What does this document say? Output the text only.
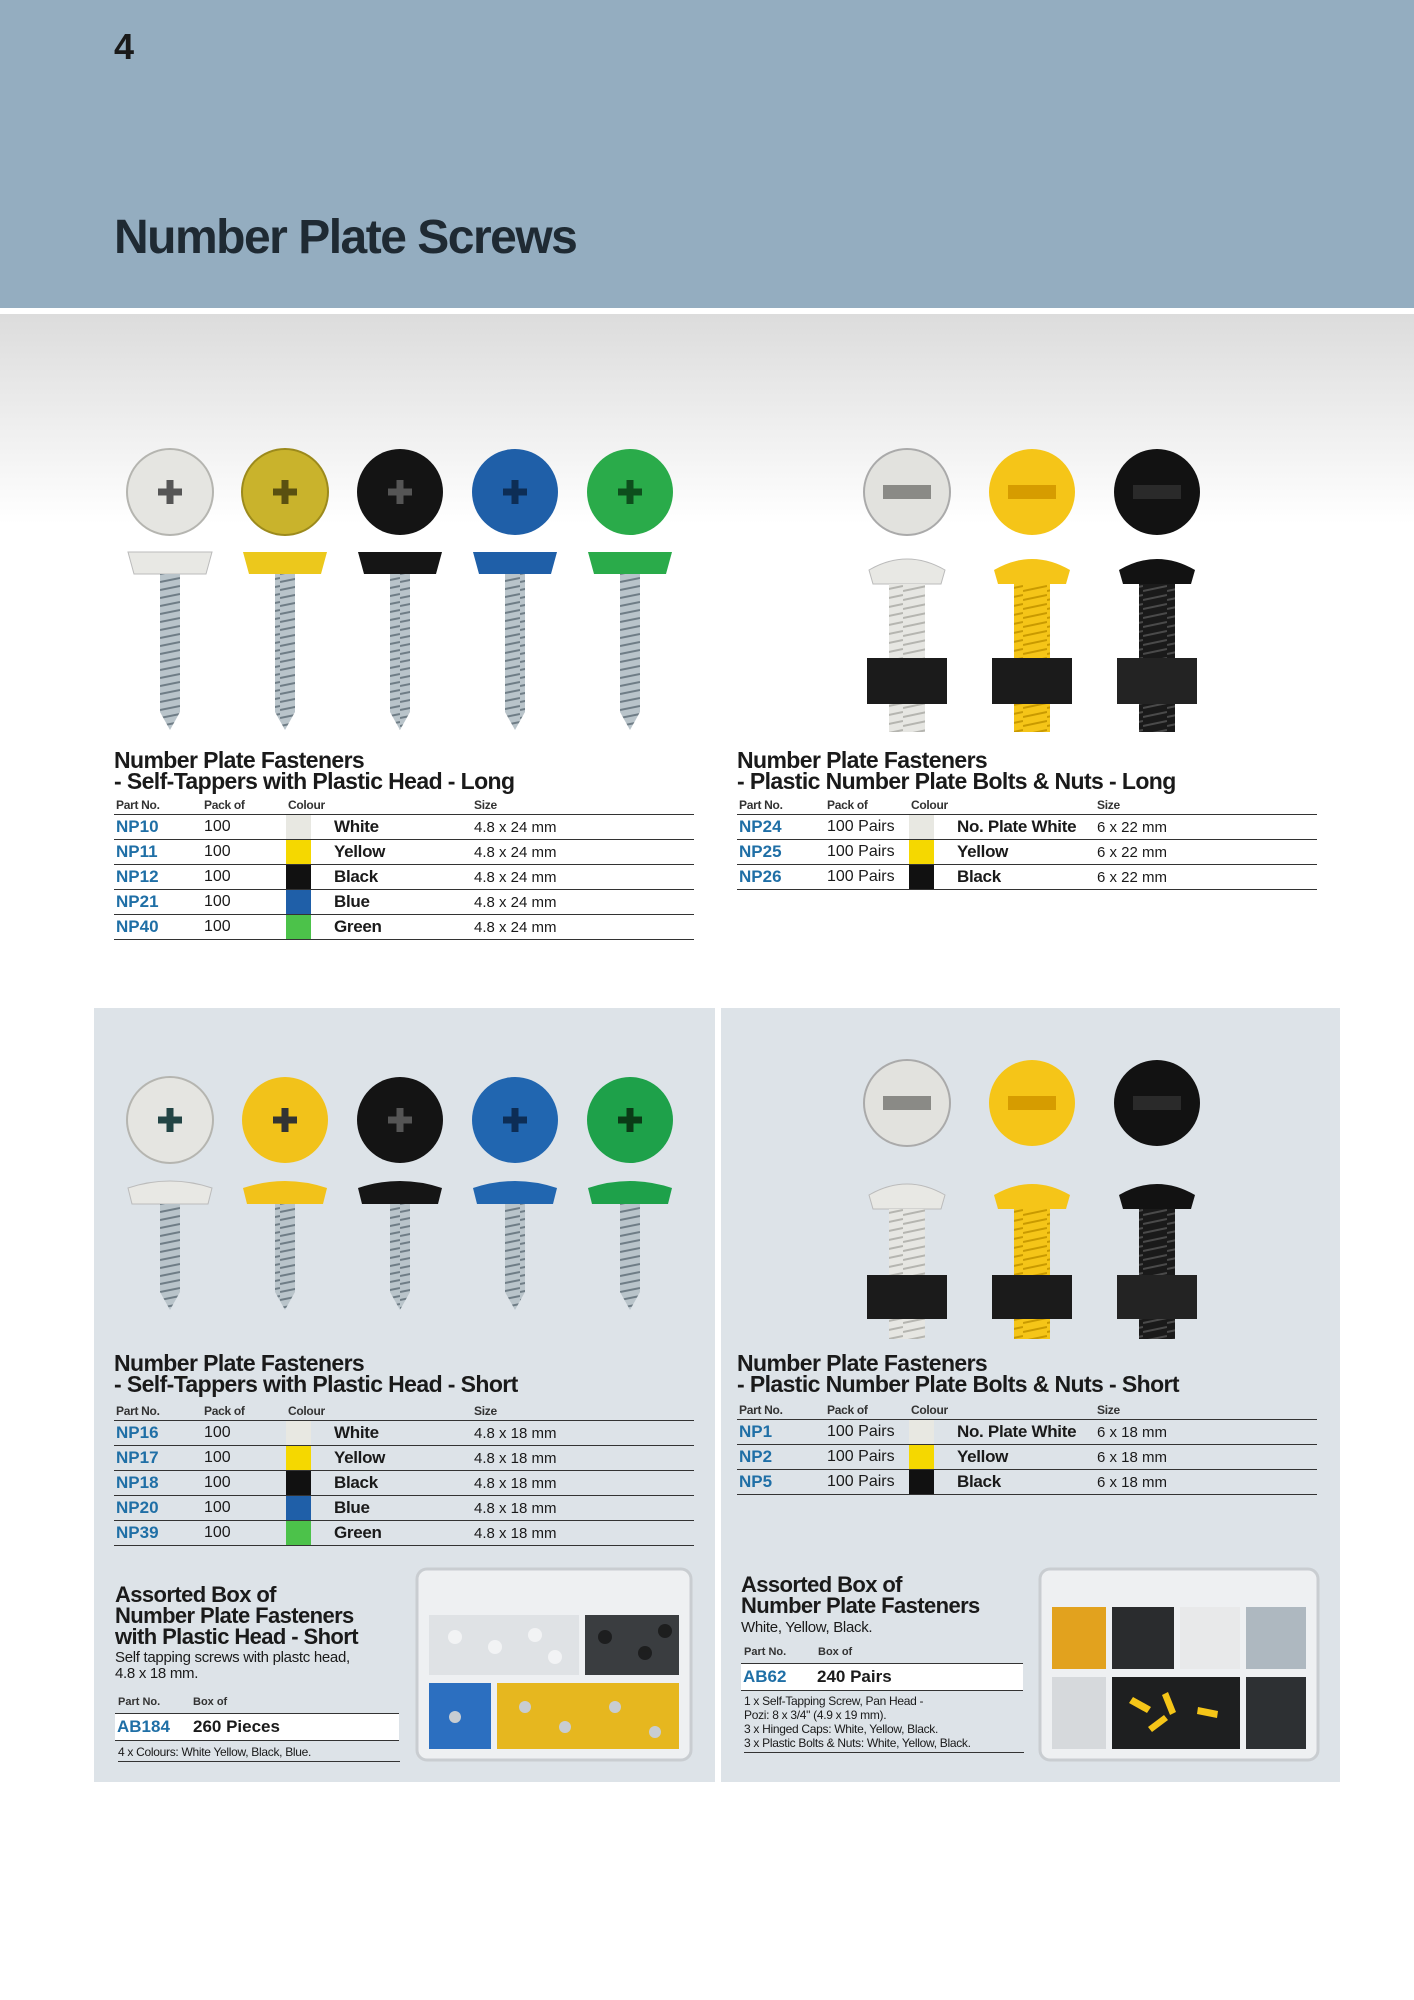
4
Number Plate Screws
Number Plate Fasteners
- Self-Tappers with Plastic Head - Long
Part No.	Pack of	Colour		Size
NP10	100		White	4.8 x 24 mm
NP11	100		Yellow	4.8 x 24 mm
NP12	100		Black	4.8 x 24 mm
NP21	100		Blue	4.8 x 24 mm
NP40	100		Green	4.8 x 24 mm
Number Plate Fasteners
- Plastic Number Plate Bolts & Nuts - Long
Part No.	Pack of	Colour		Size
NP24	100 Pairs		No. Plate White	6 x 22 mm
NP25	100 Pairs		Yellow	6 x 22 mm
NP26	100 Pairs		Black	6 x 22 mm
Number Plate Fasteners
- Self-Tappers with Plastic Head - Short
Part No.	Pack of	Colour		Size
NP16	100		White	4.8 x 18 mm
NP17	100		Yellow	4.8 x 18 mm
NP18	100		Black	4.8 x 18 mm
NP20	100		Blue	4.8 x 18 mm
NP39	100		Green	4.8 x 18 mm
Number Plate Fasteners
- Plastic Number Plate Bolts & Nuts - Short
Part No.	Pack of	Colour		Size
NP1	100 Pairs		No. Plate White	6 x 18 mm
NP2	100 Pairs		Yellow	6 x 18 mm
NP5	100 Pairs		Black	6 x 18 mm
Assorted Box of
Number Plate Fasteners
with Plastic Head - Short
Self tapping screws with plastc head,
4.8 x 18 mm.
Part No.	Box of
AB184 260 Pieces
4 x Colours: White Yellow, Black, Blue.
Assorted Box of
Number Plate Fasteners
White, Yellow, Black.
Part No.	Box of
AB62 240 Pairs
1 x Self-Tapping Screw, Pan Head -
Pozi: 8 x 3/4" (4.9 x 19 mm).
3 x Hinged Caps: White, Yellow, Black.
3 x Plastic Bolts & Nuts: White, Yellow, Black.
